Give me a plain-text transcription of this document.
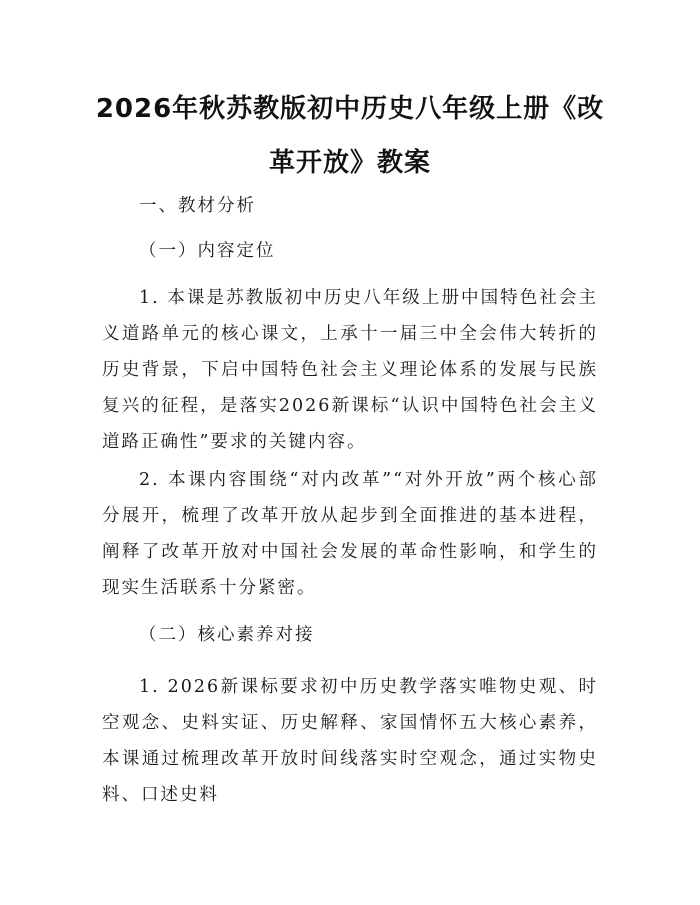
2026年秋苏教版初中历史八年级上册《改革开放》教案

一、教材分析

（一）内容定位

1. 本课是苏教版初中历史八年级上册中国特色社会主义道路单元的核心课文，上承十一届三中全会伟大转折的历史背景，下启中国特色社会主义理论体系的发展与民族复兴的征程，是落实2026新课标“认识中国特色社会主义道路正确性”要求的关键内容。

2. 本课内容围绕“对内改革”“对外开放”两个核心部分展开，梳理了改革开放从起步到全面推进的基本进程，阐释了改革开放对中国社会发展的革命性影响，和学生的现实生活联系十分紧密。

（二）核心素养对接

1. 2026新课标要求初中历史教学落实唯物史观、时空观念、史料实证、历史解释、家国情怀五大核心素养，本课通过梳理改革开放时间线落实时空观念，通过实物史料、口述史料
